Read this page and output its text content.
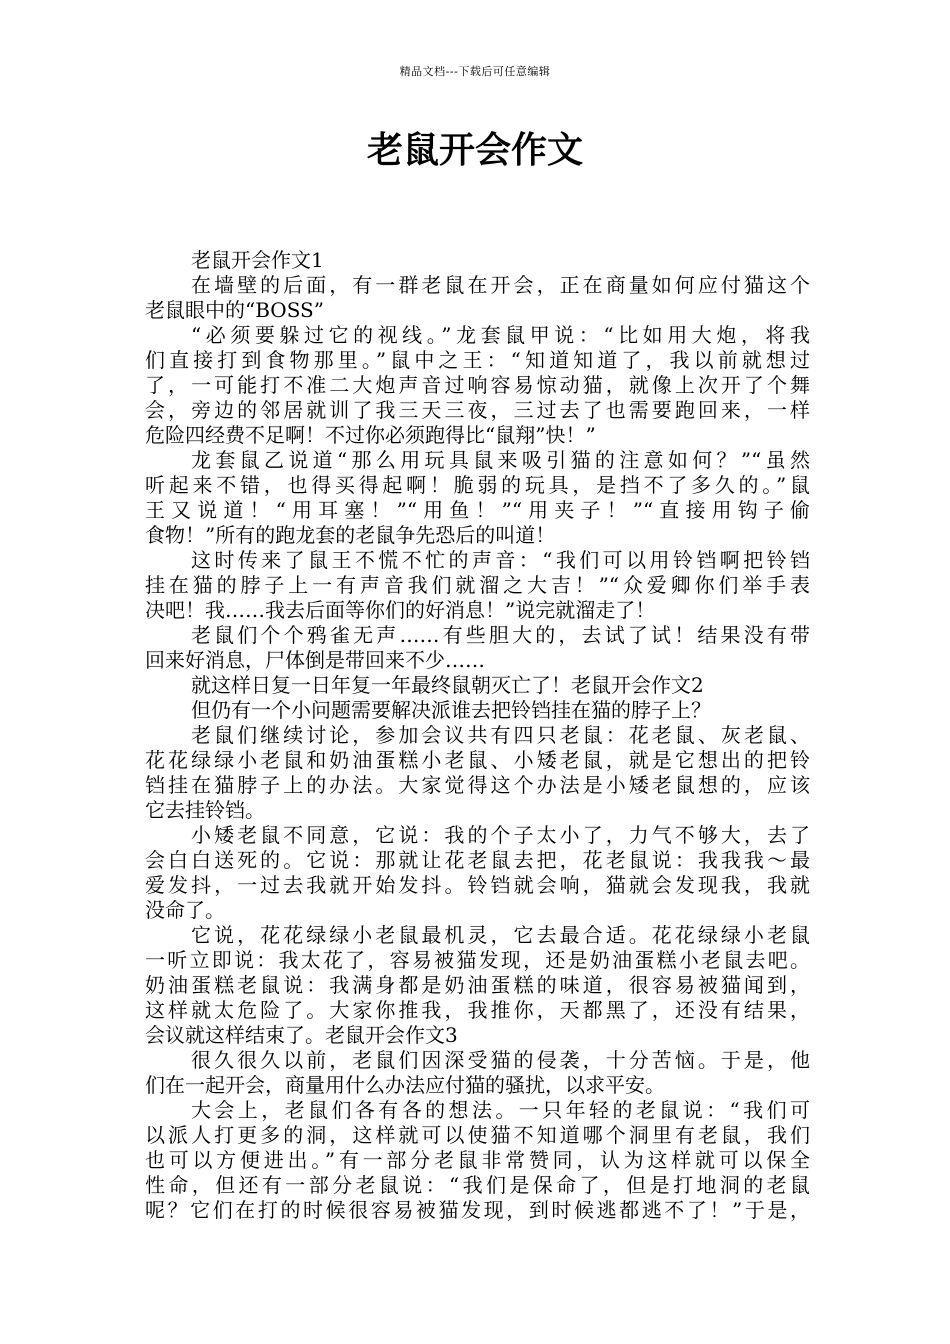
精品文档---下载后可任意编辑
老鼠开会作文
老鼠开会作文1
在墙壁的后面，有一群老鼠在开会，正在商量如何应付猫这个
老鼠眼中的“BOSS”
“必须要躲过它的视线。”龙套鼠甲说：“比如用大炮，将我
们直接打到食物那里。”鼠中之王：“知道知道了，我以前就想过
了，一可能打不准二大炮声音过响容易惊动猫，就像上次开了个舞
会，旁边的邻居就训了我三天三夜，三过去了也需要跑回来，一样
危险四经费不足啊！不过你必须跑得比“鼠翔”快！”
龙套鼠乙说道“那么用玩具鼠来吸引猫的注意如何？”“虽然
听起来不错，也得买得起啊！脆弱的玩具，是挡不了多久的。”鼠
王又说道！“用耳塞！”“用鱼！”“用夹子！”“直接用钩子偷
食物！”所有的跑龙套的老鼠争先恐后的叫道！
这时传来了鼠王不慌不忙的声音：“我们可以用铃铛啊把铃铛
挂在猫的脖子上一有声音我们就溜之大吉！”“众爱卿你们举手表
决吧！我……我去后面等你们的好消息！”说完就溜走了！
老鼠们个个鸦雀无声……有些胆大的，去试了试！结果没有带
回来好消息，尸体倒是带回来不少……
就这样日复一日年复一年最终鼠朝灭亡了！老鼠开会作文2
但仍有一个小问题需要解决派谁去把铃铛挂在猫的脖子上？
老鼠们继续讨论，参加会议共有四只老鼠：花老鼠、灰老鼠、
花花绿绿小老鼠和奶油蛋糕小老鼠、小矮老鼠，就是它想出的把铃
铛挂在猫脖子上的办法。大家觉得这个办法是小矮老鼠想的，应该
它去挂铃铛。
小矮老鼠不同意，它说：我的个子太小了，力气不够大，去了
会白白送死的。它说：那就让花老鼠去把，花老鼠说：我我我～最
爱发抖，一过去我就开始发抖。铃铛就会响，猫就会发现我，我就
没命了。
它说，花花绿绿小老鼠最机灵，它去最合适。花花绿绿小老鼠
一听立即说：我太花了，容易被猫发现，还是奶油蛋糕小老鼠去吧。
奶油蛋糕老鼠说：我满身都是奶油蛋糕的味道，很容易被猫闻到，
这样就太危险了。大家你推我，我推你，天都黑了，还没有结果，
会议就这样结束了。老鼠开会作文3
很久很久以前，老鼠们因深受猫的侵袭，十分苦恼。于是，他
们在一起开会，商量用什么办法应付猫的骚扰，以求平安。
大会上，老鼠们各有各的想法。一只年轻的老鼠说：“我们可
以派人打更多的洞，这样就可以使猫不知道哪个洞里有老鼠，我们
也可以方便进出。”有一部分老鼠非常赞同，认为这样就可以保全
性命，但还有一部分老鼠说：“我们是保命了，但是打地洞的老鼠
呢？它们在打的时候很容易被猫发现，到时候逃都逃不了！”于是，
